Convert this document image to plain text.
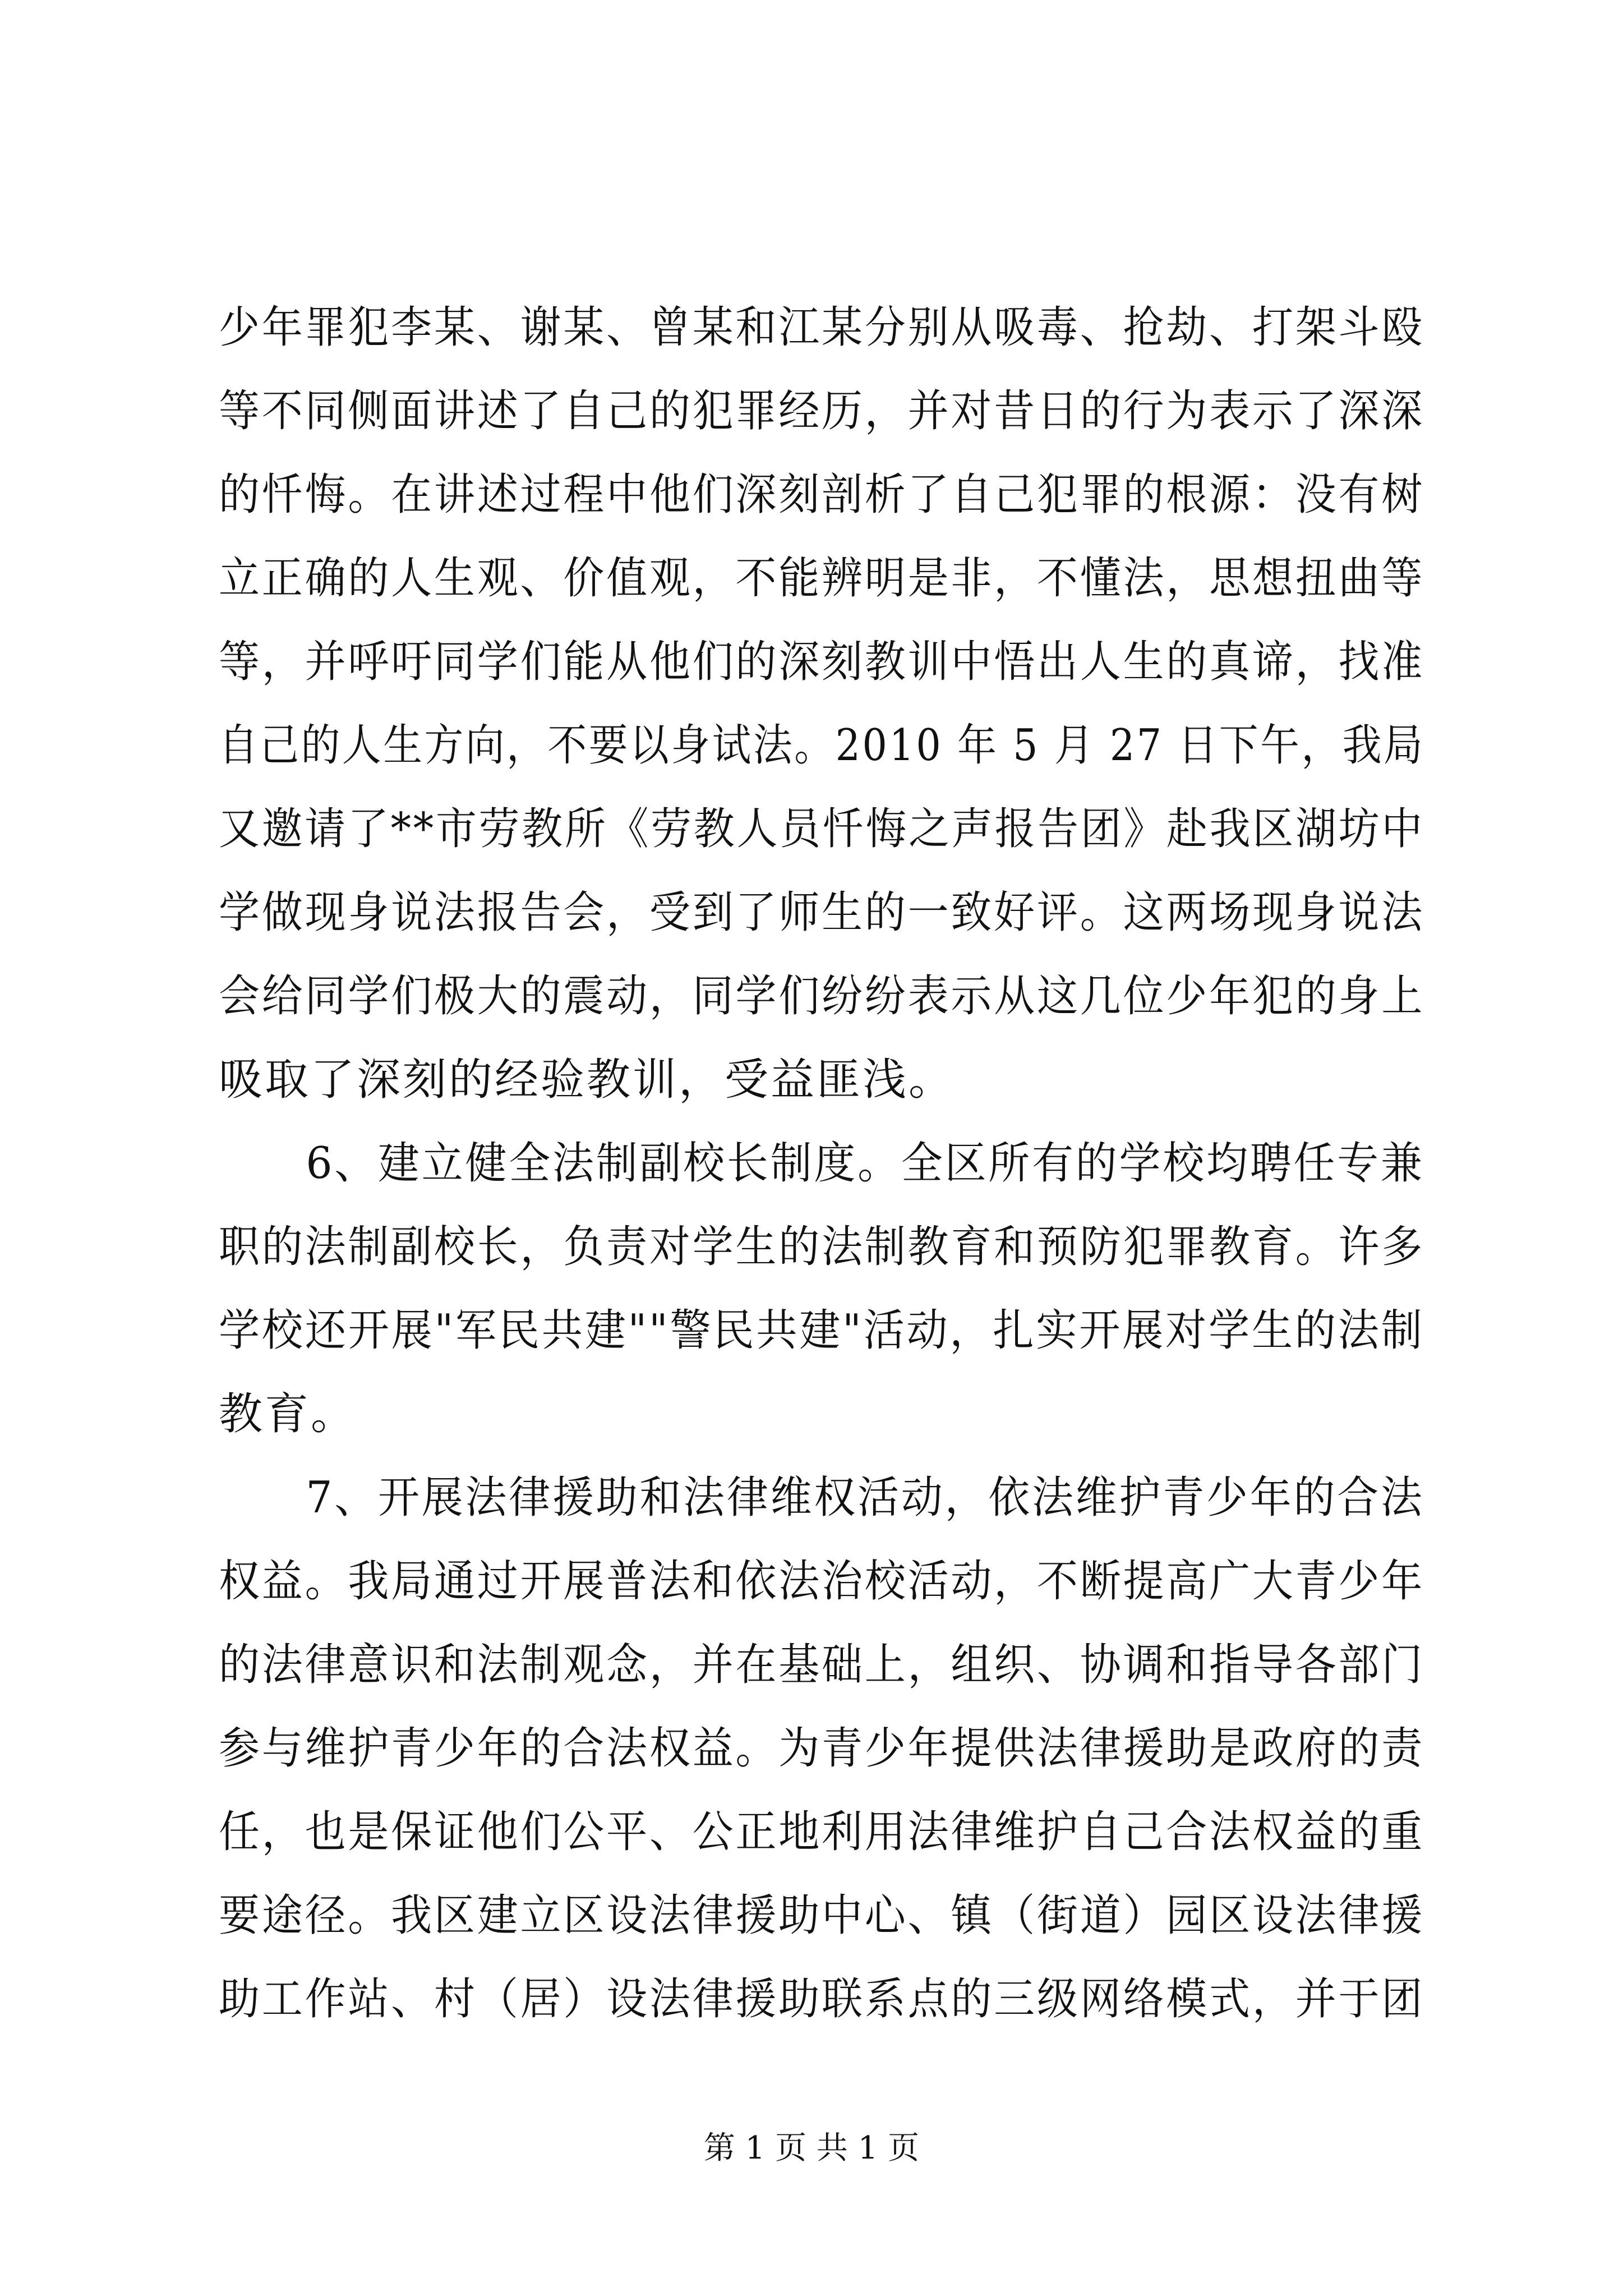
少年罪犯李某、谢某、曾某和江某分别从吸毒、抢劫、打架斗殴
等不同侧面讲述了自己的犯罪经历，并对昔日的行为表示了深深
的忏悔。在讲述过程中他们深刻剖析了自己犯罪的根源：没有树
立正确的人生观、价值观，不能辨明是非，不懂法，思想扭曲等
等，并呼吁同学们能从他们的深刻教训中悟出人生的真谛，找准
自己的人生方向，不要以身试法。2010 年 5 月 27 日下午，我局
又邀请了**市劳教所《劳教人员忏悔之声报告团》赴我区湖坊中
学做现身说法报告会，受到了师生的一致好评。这两场现身说法
会给同学们极大的震动，同学们纷纷表示从这几位少年犯的身上
吸取了深刻的经验教训，受益匪浅。
　　6、建立健全法制副校长制度。全区所有的学校均聘任专兼
职的法制副校长，负责对学生的法制教育和预防犯罪教育。许多
学校还开展"军民共建""警民共建"活动，扎实开展对学生的法制
教育。
　　7、开展法律援助和法律维权活动，依法维护青少年的合法
权益。我局通过开展普法和依法治校活动，不断提高广大青少年
的法律意识和法制观念，并在基础上，组织、协调和指导各部门
参与维护青少年的合法权益。为青少年提供法律援助是政府的责
任，也是保证他们公平、公正地利用法律维护自己合法权益的重
要途径。我区建立区设法律援助中心、镇（街道）园区设法律援
助工作站、村（居）设法律援助联系点的三级网络模式，并于团
第 1 页 共 1 页
